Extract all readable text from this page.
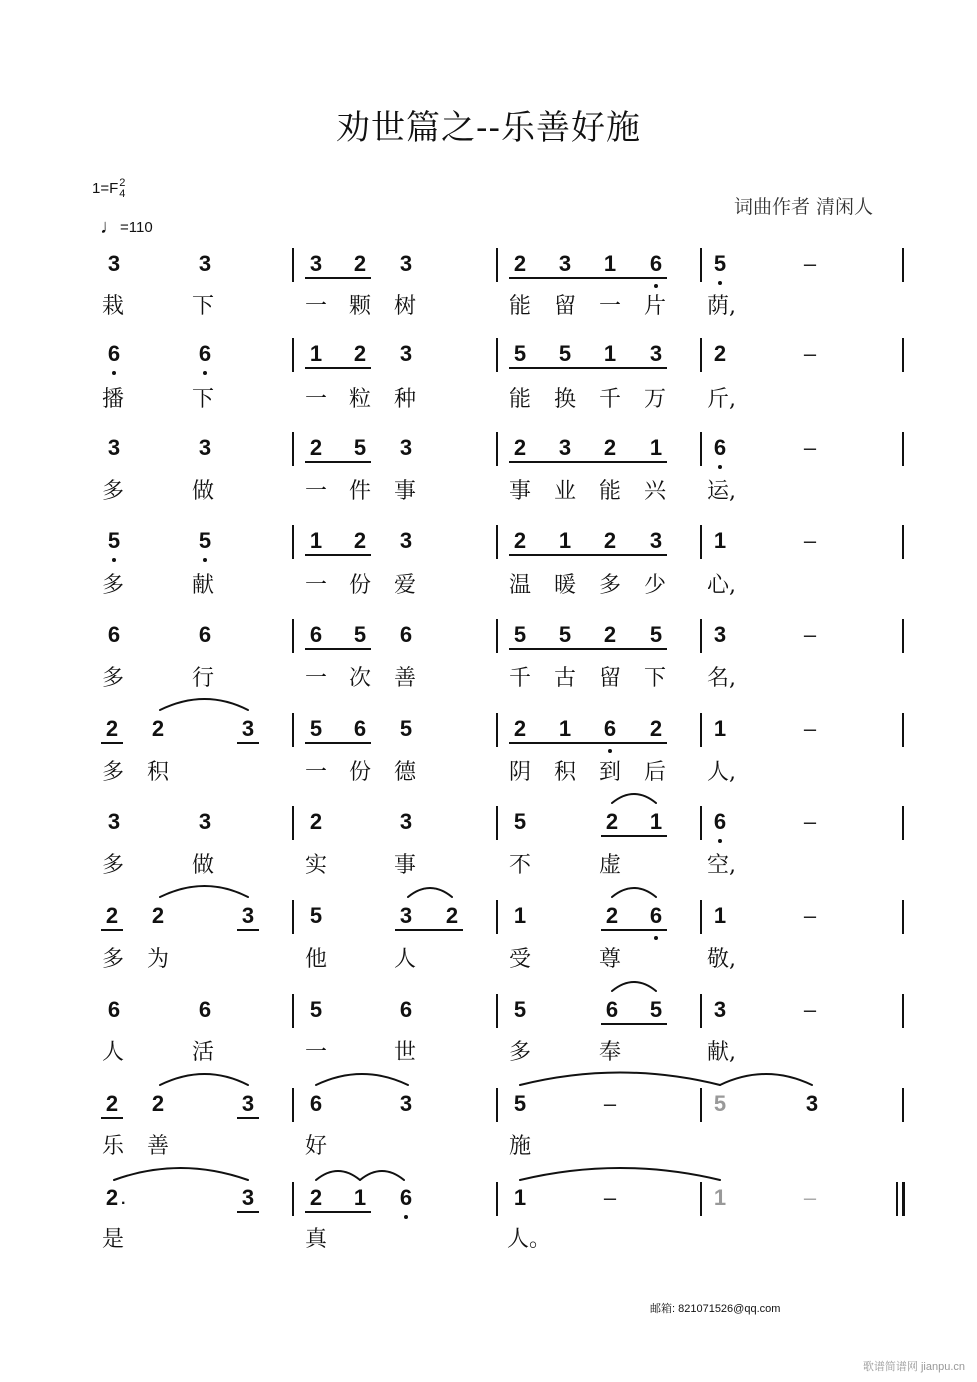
劝世篇之--乐善好施
1=F2
4
♩ =110
词曲作者 清闲人
3	3	3 2 3	2 3 1 6 5	–
6	6	1 2 3	5 5 1 3 2	–
3	3	2 5 3	2 3 2 1 6	–
5	5	1 2 3	2 1 2 3 1	–
6	6	6 5 6	5 5 2 5 3	–
2 2	3	5 6 5	2 1 6 2 1	–
3	3	2	3	5	2 1 6	–
2 2	3	5	3 2	1	2 6 1	–
6	6	5	6	5	6 5 3	–
2 2	3	6	3	5	–	5	3
2 ·	3	2 1 6	1	–	1	–
栽	下	一 颗 树	能 留 一 片 荫,
播	下	一 粒 种	能 换 千 万 斤,
多	做	一 件 事	事 业 能 兴 运,
多	献	一 份 爱	温 暖 多 少 心,
多	行	一 次 善	千 古 留 下 名,
多 积	一 份 德	阴 积 到 后 人,
多	做	实	事	不	虚	空,
多 为	他	人	受	尊	敬,
人	活	一	世	多	奉	献,
乐 善	好	施
是	真	人。
邮箱: 821071526@qq.com
歌谱简谱网 jianpu.cn
